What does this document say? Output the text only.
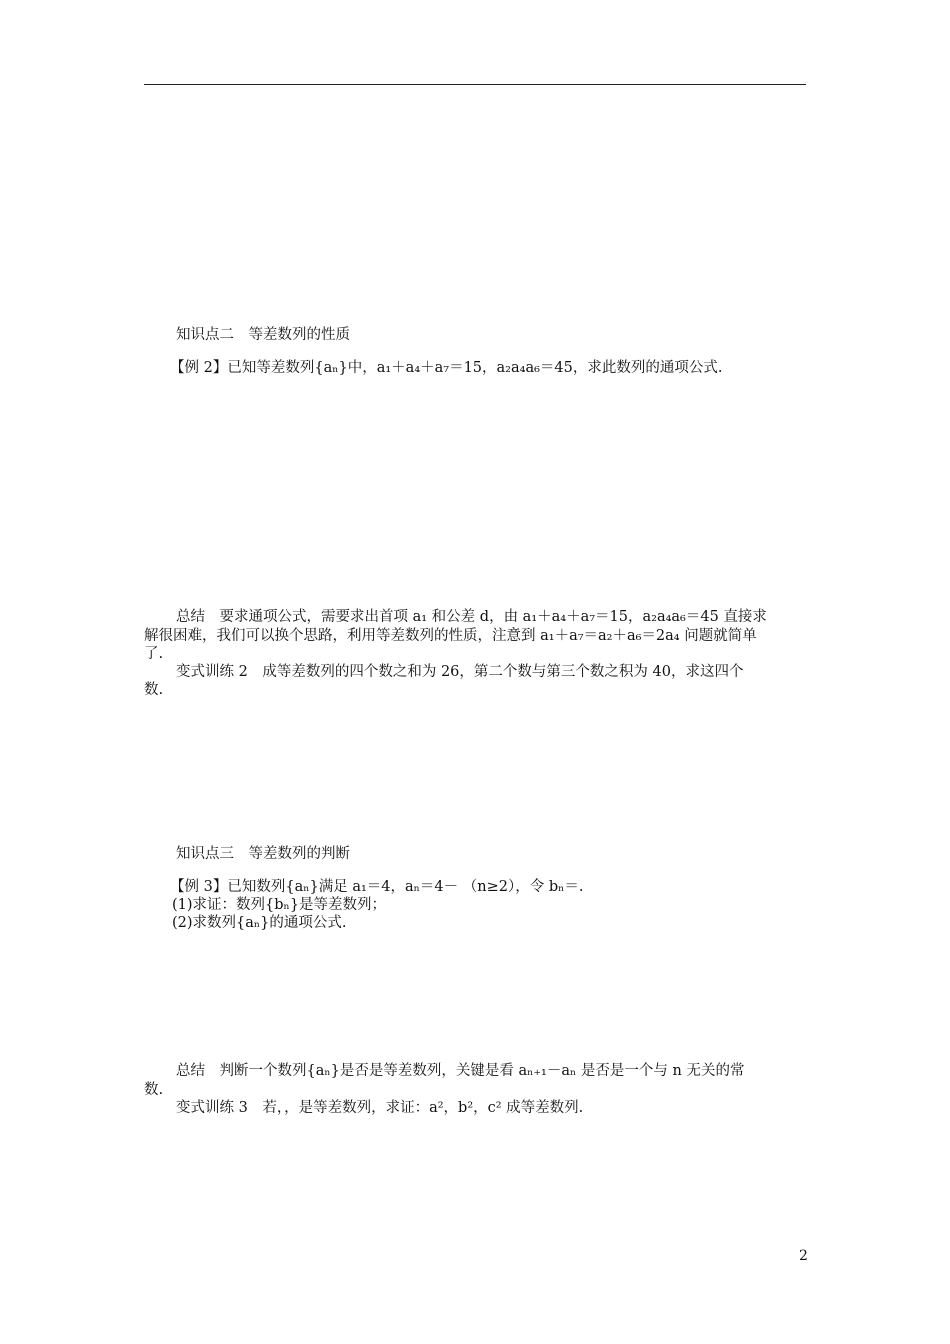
知识点二　等差数列的性质
【例 2】已知等差数列{aₙ}中，a₁＋a₄＋a₇＝15，a₂a₄a₆＝45，求此数列的通项公式.
总结　要求通项公式，需要求出首项 a₁ 和公差 d，由 a₁＋a₄＋a₇＝15，a₂a₄a₆＝45 直接求
解很困难，我们可以换个思路，利用等差数列的性质，注意到 a₁＋a₇＝a₂＋a₆＝2a₄ 问题就简单
了.
变式训练 2　成等差数列的四个数之和为 26，第二个数与第三个数之积为 40，求这四个
数.
知识点三　等差数列的判断
【例 3】已知数列{aₙ}满足 a₁＝4，aₙ＝4－ （n≥2），令 bₙ＝.
(1)求证：数列{bₙ}是等差数列；
(2)求数列{aₙ}的通项公式.
总结　判断一个数列{aₙ}是否是等差数列，关键是看 aₙ₊₁－aₙ 是否是一个与 n 无关的常
数.
变式训练 3　若，，是等差数列，求证：a²，b²，c² 成等差数列.
2
